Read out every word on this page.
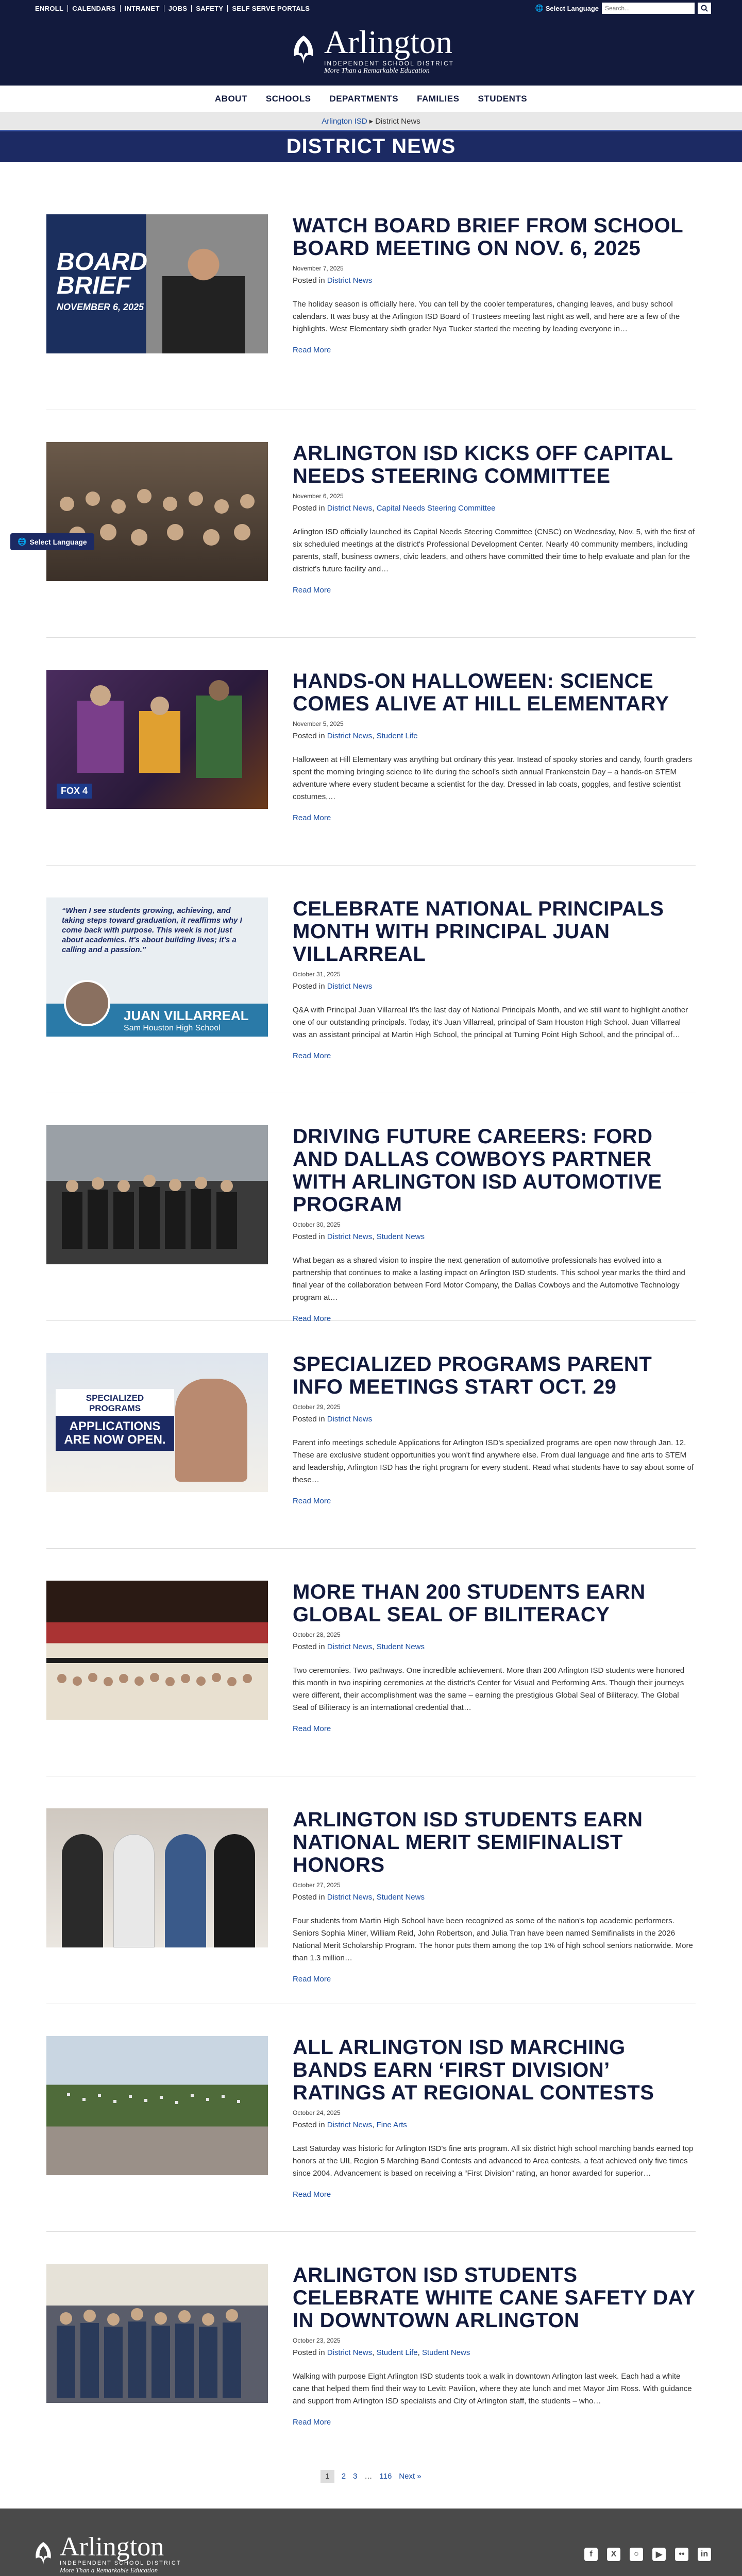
ENROLL	CALENDARS	INTRANET	JOBS	SAFETY	SELF SERVE PORTALS	🌐 Select Language
Search...
Arlington
INDEPENDENT SCHOOL DISTRICT
More Than a Remarkable Education
ABOUT SCHOOLS DEPARTMENTS FAMILIES STUDENTS
Arlington ISD ▸ District News
DISTRICT NEWS
BOARD
BRIEF
NOVEMBER 6, 2025
WATCH BOARD BRIEF FROM SCHOOL BOARD MEETING ON NOV. 6, 2025
November 7, 2025
Posted in District News
The holiday season is officially here. You can tell by the cooler temperatures, changing leaves, and busy school calendars. It was busy at the Arlington ISD Board of Trustees meeting last night as well, and here are a few of the highlights. West Elementary sixth grader Nya Tucker started the meeting by leading everyone in…
Read More
ARLINGTON ISD KICKS OFF CAPITAL NEEDS STEERING COMMITTEE
November 6, 2025
Posted in District News, Capital Needs Steering Committee
Arlington ISD officially launched its Capital Needs Steering Committee (CNSC) on Wednesday, Nov. 5, with the first of six scheduled meetings at the district's Professional Development Center. Nearly 40 community members, including parents, staff, business owners, civic leaders, and others have committed their time to help evaluate and plan for the district's future facility and…
Read More
FOX 4
HANDS-ON HALLOWEEN: SCIENCE COMES ALIVE AT HILL ELEMENTARY
November 5, 2025
Posted in District News, Student Life
Halloween at Hill Elementary was anything but ordinary this year. Instead of spooky stories and candy, fourth graders spent the morning bringing science to life during the school's sixth annual Frankenstein Day – a hands-on STEM adventure where every student became a scientist for the day. Dressed in lab coats, goggles, and festive scientist costumes,…
Read More
“When I see students growing, achieving, and taking steps toward graduation, it reaffirms why I come back with purpose. This week is not just about academics. It's about building lives; it's a calling and a passion.”
JUAN VILLARREAL
Sam Houston High School
CELEBRATE NATIONAL PRINCIPALS MONTH WITH PRINCIPAL JUAN VILLARREAL
October 31, 2025
Posted in District News
Q&A with Principal Juan Villarreal It's the last day of National Principals Month, and we still want to highlight another one of our outstanding principals. Today, it's Juan Villarreal, principal of Sam Houston High School. Juan Villarreal was an assistant principal at Martin High School, the principal at Turning Point High School, and the principal of…
Read More
DRIVING FUTURE CAREERS: FORD AND DALLAS COWBOYS PARTNER WITH ARLINGTON ISD AUTOMOTIVE PROGRAM
October 30, 2025
Posted in District News, Student News
What began as a shared vision to inspire the next generation of automotive professionals has evolved into a partnership that continues to make a lasting impact on Arlington ISD students. This school year marks the third and final year of the collaboration between Ford Motor Company, the Dallas Cowboys and the Automotive Technology program at…
Read More
SPECIALIZED PROGRAMS
APPLICATIONS ARE NOW OPEN.
SPECIALIZED PROGRAMS PARENT INFO MEETINGS START OCT. 29
October 29, 2025
Posted in District News
Parent info meetings schedule Applications for Arlington ISD's specialized programs are open now through Jan. 12. These are exclusive student opportunities you won't find anywhere else. From dual language and fine arts to STEM and leadership, Arlington ISD has the right program for every student. Read what students have to say about some of these…
Read More
MORE THAN 200 STUDENTS EARN GLOBAL SEAL OF BILITERACY
October 28, 2025
Posted in District News, Student News
Two ceremonies. Two pathways. One incredible achievement. More than 200 Arlington ISD students were honored this month in two inspiring ceremonies at the district's Center for Visual and Performing Arts. Though their journeys were different, their accomplishment was the same – earning the prestigious Global Seal of Biliteracy. The Global Seal of Biliteracy is an international credential that…
Read More
ARLINGTON ISD STUDENTS EARN NATIONAL MERIT SEMIFINALIST HONORS
October 27, 2025
Posted in District News, Student News
Four students from Martin High School have been recognized as some of the nation's top academic performers. Seniors Sophia Miner, William Reid, John Robertson, and Julia Tran have been named Semifinalists in the 2026 National Merit Scholarship Program. The honor puts them among the top 1% of high school seniors nationwide. More than 1.3 million…
Read More
ALL ARLINGTON ISD MARCHING BANDS EARN ‘FIRST DIVISION’ RATINGS AT REGIONAL CONTESTS
October 24, 2025
Posted in District News, Fine Arts
Last Saturday was historic for Arlington ISD's fine arts program. All six district high school marching bands earned top honors at the UIL Region 5 Marching Band Contests and advanced to Area contests, a feat achieved only five times since 2004. Advancement is based on receiving a “First Division” rating, an honor awarded for superior…
Read More
ARLINGTON ISD STUDENTS CELEBRATE WHITE CANE SAFETY DAY IN DOWNTOWN ARLINGTON
October 23, 2025
Posted in District News, Student Life, Student News
Walking with purpose Eight Arlington ISD students took a walk in downtown Arlington last week. Each had a white cane that helped them find their way to Levitt Pavilion, where they ate lunch and met Mayor Jim Ross. With guidance and support from Arlington ISD specialists and City of Arlington staff, the students – who…
Read More
🌐 Select Language
1	2 3 … 116 Next »
Arlington
INDEPENDENT SCHOOL DISTRICT
More Than a Remarkable Education
f	X	○	▶	••	in
